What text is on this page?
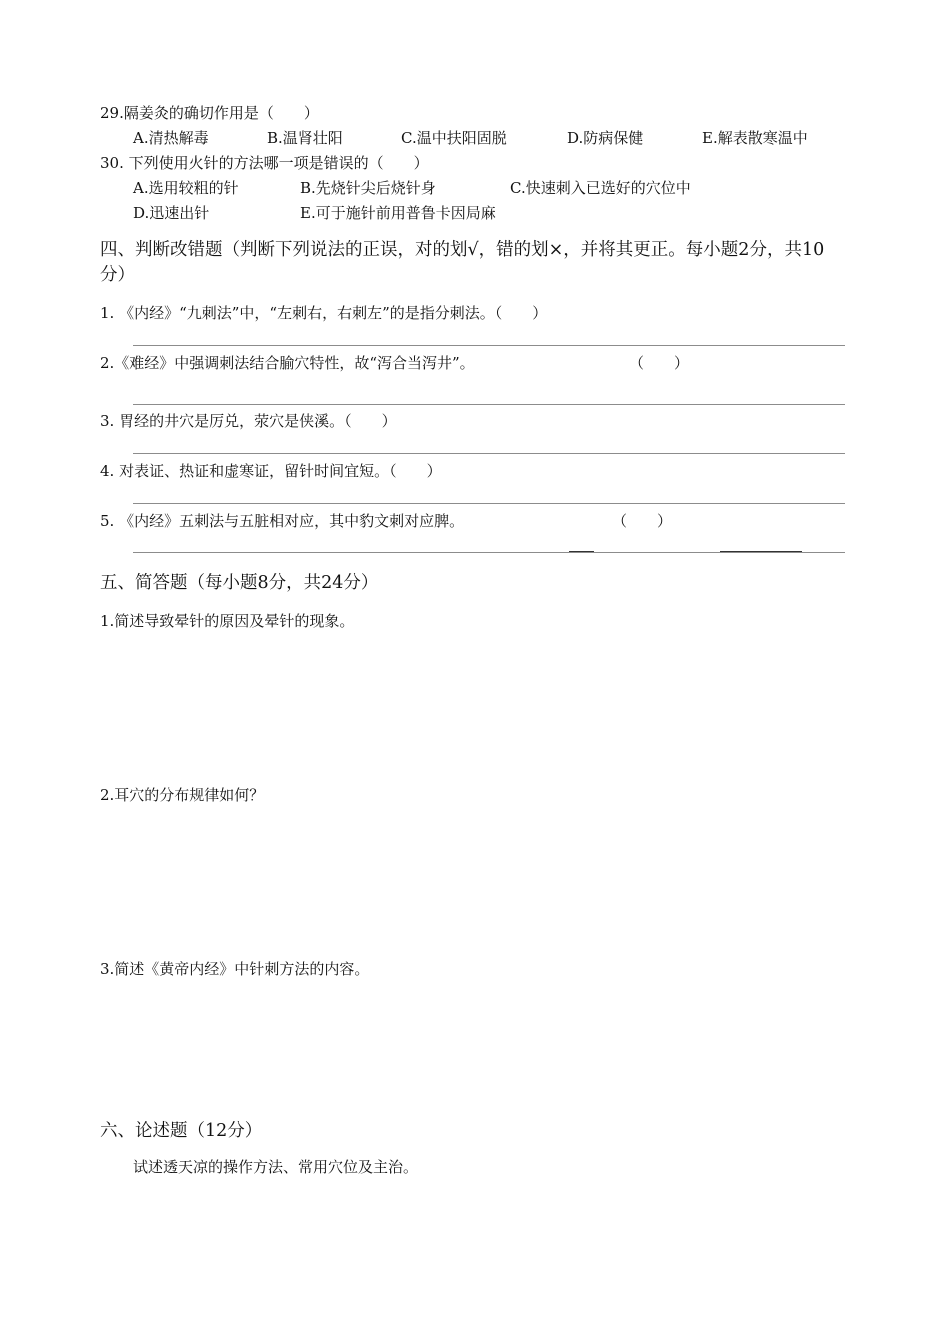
29.隔姜灸的确切作用是（　　）
A.清热解毒	B.温肾壮阳	C.温中扶阳固脱	D.防病保健	E.解表散寒温中
30. 下列使用火针的方法哪一项是错误的（　　）
A.选用较粗的针	B.先烧针尖后烧针身	C.快速刺入已选好的穴位中
D.迅速出针	E.可于施针前用普鲁卡因局麻
四、判断改错题（判断下列说法的正误，对的划√，错的划×，并将其更正。每小题2分，共10
分）
1. 《内经》“九刺法”中，“左刺右，右刺左”的是指分刺法。（　　）
2.《难经》中强调刺法结合腧穴特性，故“泻合当泻井”。	（　　）
3. 胃经的井穴是厉兑，荥穴是侠溪。（　　）
4. 对表证、热证和虚寒证，留针时间宜短。（　　）
5. 《内经》五刺法与五脏相对应，其中豹文刺对应脾。	（　　）
五、简答题（每小题8分，共24分）
1.简述导致晕针的原因及晕针的现象。
2.耳穴的分布规律如何？
3.简述《黄帝内经》中针刺方法的内容。
六、论述题（12分）
试述透天凉的操作方法、常用穴位及主治。
